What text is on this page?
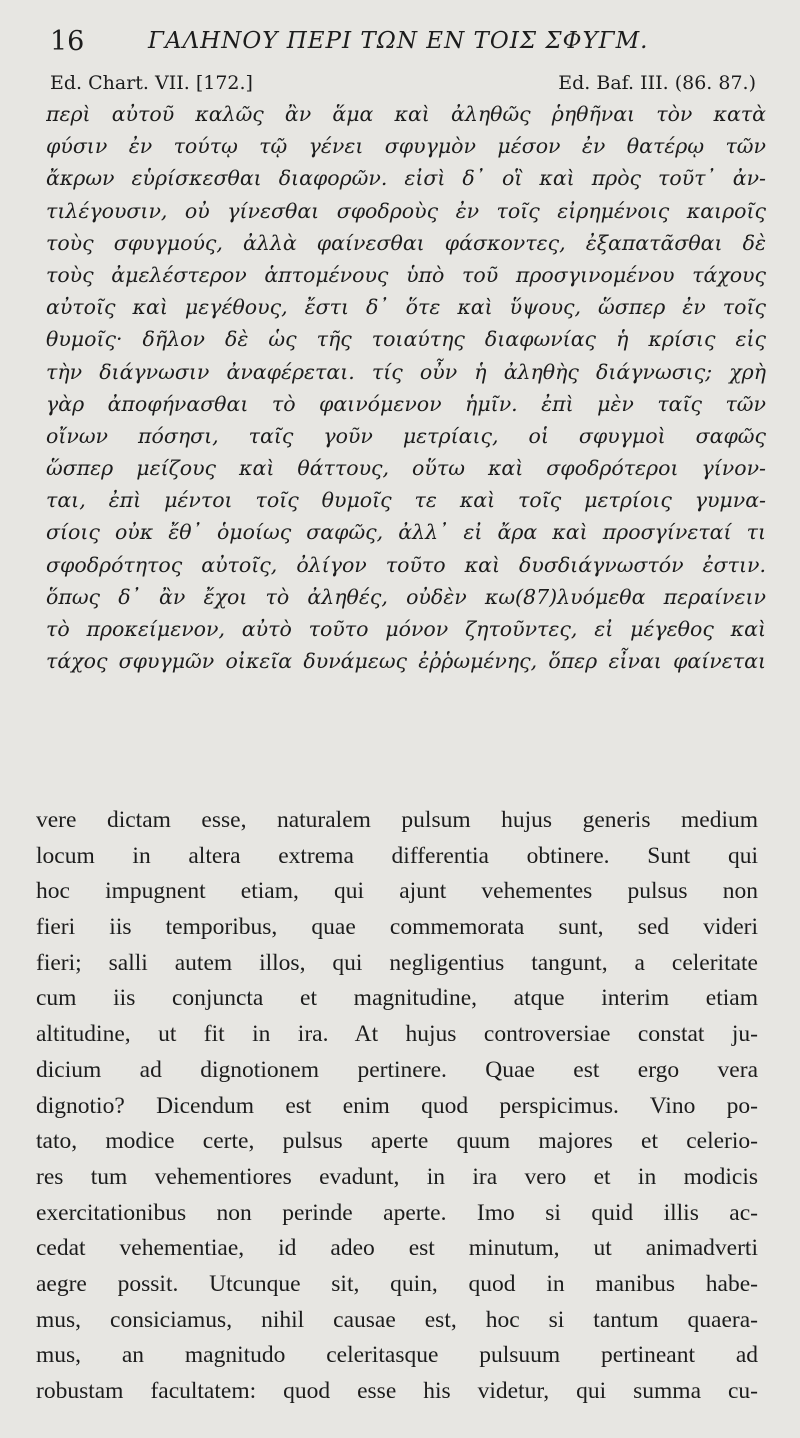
16	ΓΑΛΗΝΟΥ ΠΕΡΙ ΤΩΝ ΕΝ ΤΟΙΣ ΣΦΥΓΜ.
Ed. Chart. VII. [172.]	Ed. Baf. III. (86. 87.)
περὶ αὐτοῦ καλῶς ἂν ἅμα καὶ ἀληθῶς ῥηθῆναι τὸν κατὰ
φύσιν ἐν τούτῳ τῷ γένει σφυγμὸν μέσον ἐν θατέρῳ τῶν
ἄκρων εὑρίσκεσθαι διαφορῶν. εἰσὶ δ᾽ οἳ καὶ πρὸς τοῦτ᾽ ἀν-
τιλέγουσιν, οὐ γίνεσθαι σφοδροὺς ἐν τοῖς εἰρημένοις καιροῖς
τοὺς σφυγμούς, ἀλλὰ φαίνεσθαι φάσκοντες, ἐξαπατᾶσθαι δὲ
τοὺς ἀμελέστερον ἁπτομένους ὑπὸ τοῦ προσγινομένου τάχους
αὐτοῖς καὶ μεγέθους, ἔστι δ᾽ ὅτε καὶ ὕψους, ὥσπερ ἐν τοῖς
θυμοῖς· δῆλον δὲ ὡς τῆς τοιαύτης διαφωνίας ἡ κρίσις εἰς
τὴν διάγνωσιν ἀναφέρεται. τίς οὖν ἡ ἀληθὴς διάγνωσις; χρὴ
γὰρ ἀποφήνασθαι τὸ φαινόμενον ἡμῖν. ἐπὶ μὲν ταῖς τῶν
οἴνων πόσησι, ταῖς γοῦν μετρίαις, οἱ σφυγμοὶ σαφῶς
ὥσπερ μείζους καὶ θάττους, οὕτω καὶ σφοδρότεροι γίνον-
ται, ἐπὶ μέντοι τοῖς θυμοῖς τε καὶ τοῖς μετρίοις γυμνα-
σίοις οὐκ ἔθ᾽ ὁμοίως σαφῶς, ἀλλ᾽ εἰ ἄρα καὶ προσγίνεταί τι
σφοδρότητος αὐτοῖς, ὀλίγον τοῦτο καὶ δυσδιάγνωστόν ἐστιν.
ὅπως δ᾽ ἂν ἔχοι τὸ ἀληθές, οὐδὲν κω(87)λυόμεθα περαίνειν
τὸ προκείμενον, αὐτὸ τοῦτο μόνον ζητοῦντες, εἰ μέγεθος καὶ
τάχος σφυγμῶν οἰκεῖα δυνάμεως ἐῤῥωμένης, ὅπερ εἶναι φαίνεται
vere dictam esse, naturalem pulsum hujus generis medium
locum in altera extrema differentia obtinere. Sunt qui
hoc impugnent etiam, qui ajunt vehementes pulsus non
fieri iis temporibus, quae commemorata sunt, sed videri
fieri; salli autem illos, qui negligentius tangunt, a celeritate
cum iis conjuncta et magnitudine, atque interim etiam
altitudine, ut fit in ira. At hujus controversiae constat ju-
dicium ad dignotionem pertinere. Quae est ergo vera
dignotio? Dicendum est enim quod perspicimus. Vino po-
tato, modice certe, pulsus aperte quum majores et celerio-
res tum vehementiores evadunt, in ira vero et in modicis
exercitationibus non perinde aperte. Imo si quid illis ac-
cedat vehementiae, id adeo est minutum, ut animadverti
aegre possit. Utcunque sit, quin, quod in manibus habe-
mus, consiciamus, nihil causae est, hoc si tantum quaera-
mus, an magnitudo celeritasque pulsuum pertineant ad
robustam facultatem: quod esse his videtur, qui summa cu-
